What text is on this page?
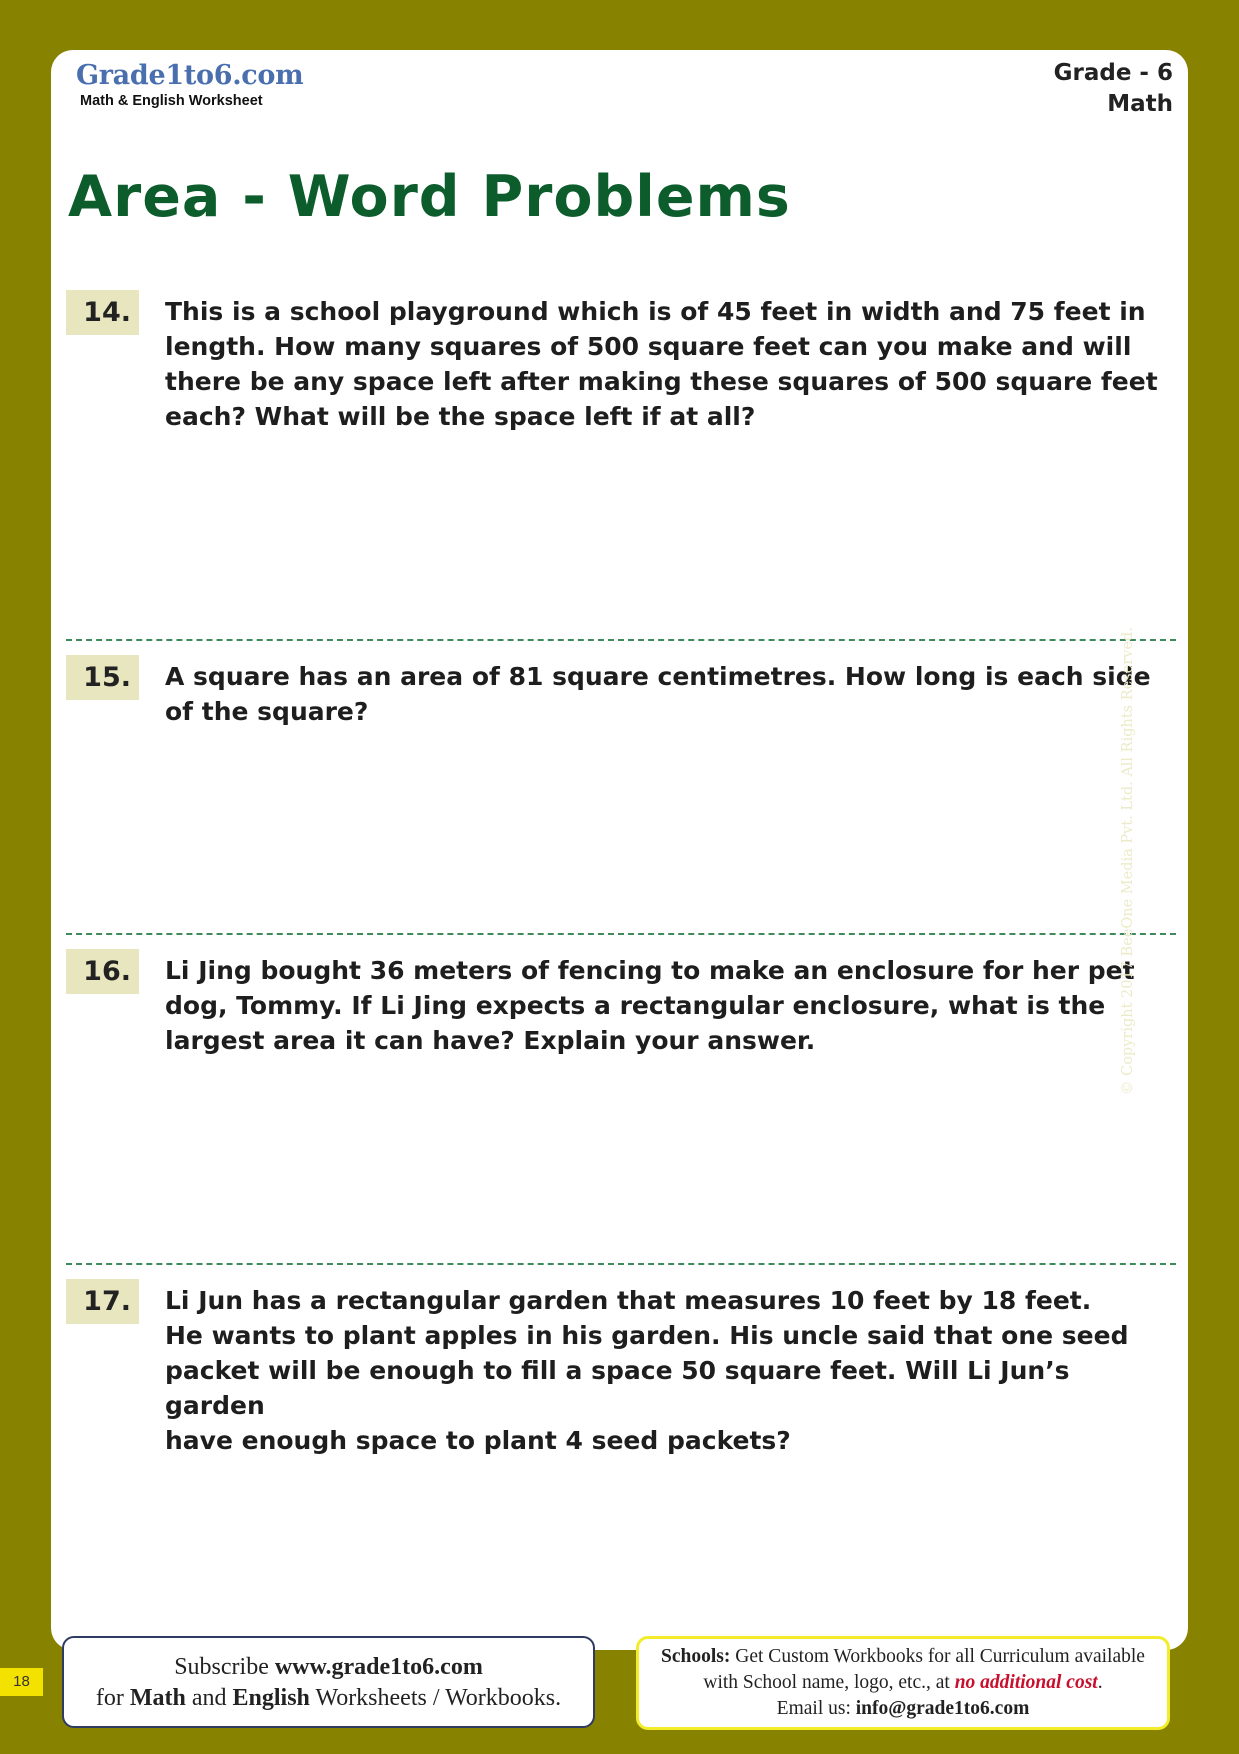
Grade1to6.com
Math & English Worksheet
Grade - 6
Math
Area - Word Problems
14.	This is a school playground which is of 45 feet in width and 75 feet in
length. How many squares of 500 square feet can you make and will
there be any space left after making these squares of 500 square feet
each? What will be the space left if at all?

15.	A square has an area of 81 square centimetres. How long is each side
of the square?

16.	Li Jing bought 36 meters of fencing to make an enclosure for her pet
dog, Tommy. If Li Jing expects a rectangular enclosure, what is the
largest area it can have? Explain your answer.

17.	Li Jun has a rectangular garden that measures 10 feet by 18 feet.
He wants to plant apples in his garden. His uncle said that one seed
packet will be enough to fill a space 50 square feet. Will Li Jun’s garden
have enough space to plant 4 seed packets?

© Copyright 2017 BeeOne Media Pvt. Ltd. All Rights Reserved.
18
Subscribe www.grade1to6.com
for Math and English Worksheets / Workbooks.
Schools: Get Custom Workbooks for all Curriculum available
with School name, logo, etc., at no additional cost.
Email us: info@grade1to6.com
